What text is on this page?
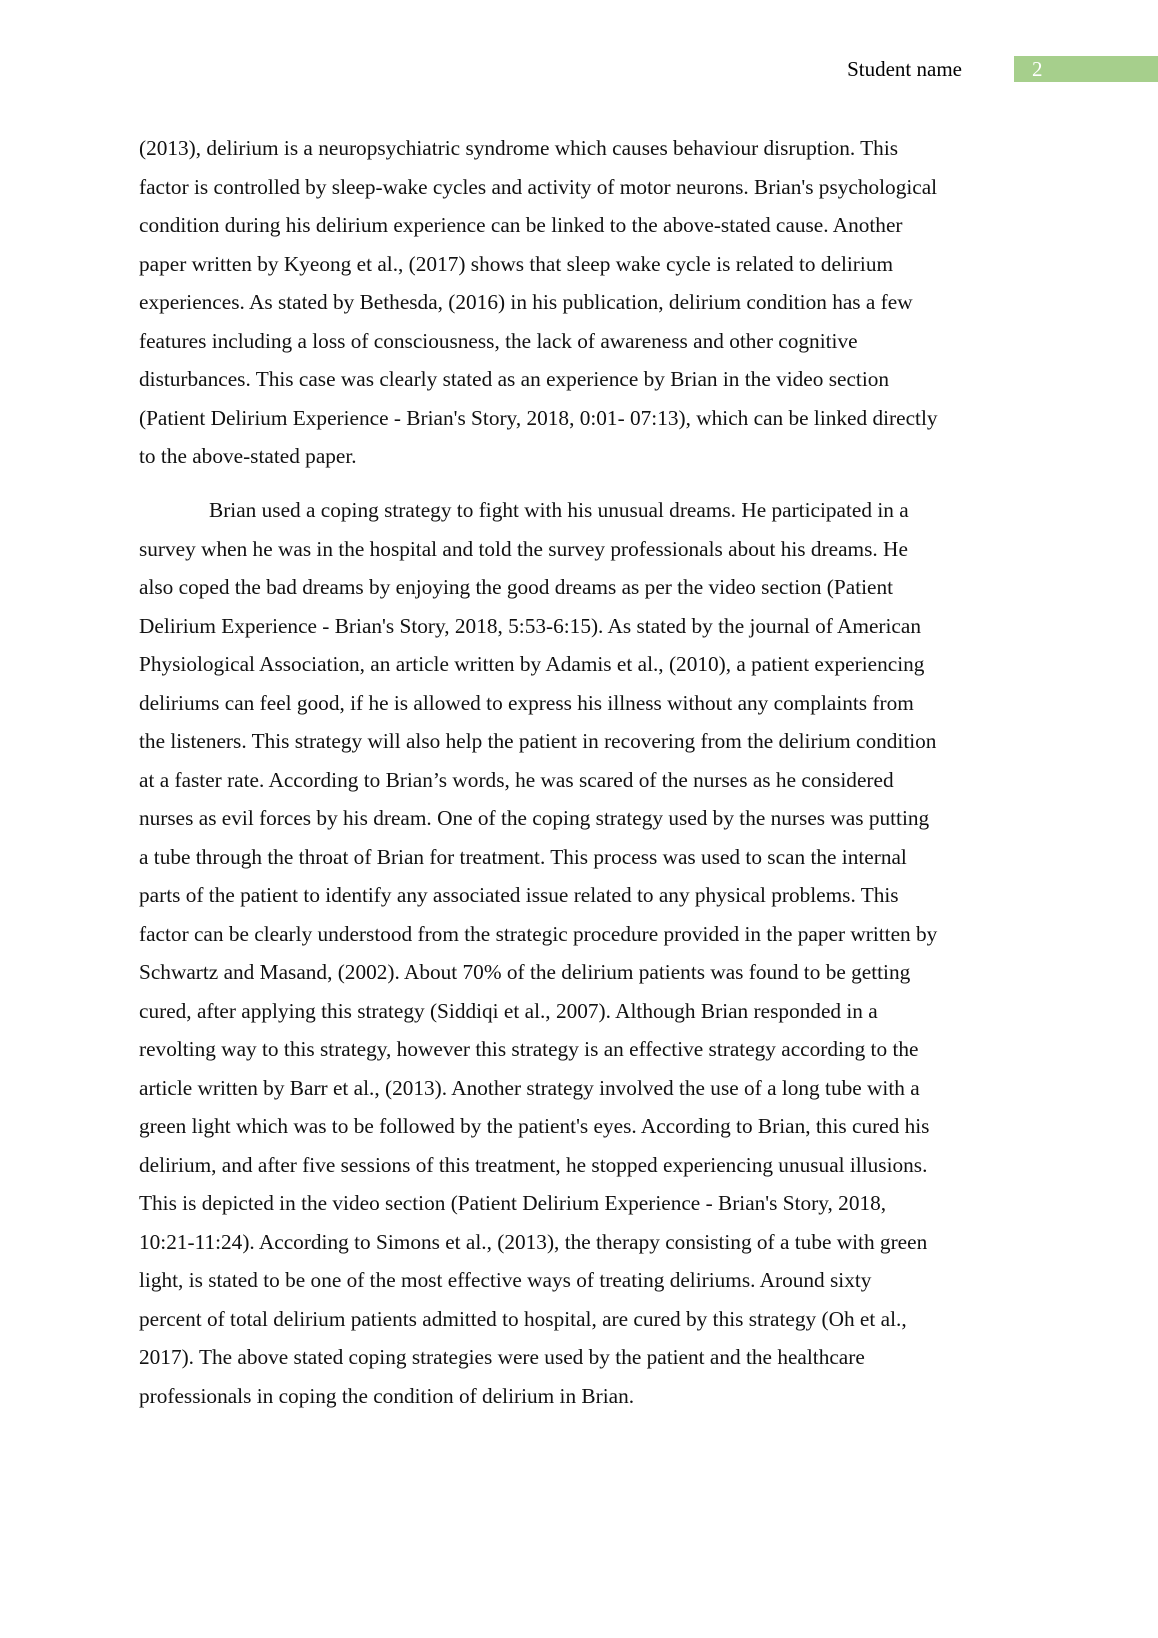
Student name	2
(2013), delirium is a neuropsychiatric syndrome which causes behaviour disruption. This
factor is controlled by sleep-wake cycles and activity of motor neurons. Brian's psychological
condition during his delirium experience can be linked to the above-stated cause. Another
paper written by Kyeong et al., (2017) shows that sleep wake cycle is related to delirium
experiences. As stated by Bethesda, (2016) in his publication, delirium condition has a few
features including a loss of consciousness, the lack of awareness and other cognitive
disturbances. This case was clearly stated as an experience by Brian in the video section
(Patient Delirium Experience - Brian's Story, 2018, 0:01- 07:13), which can be linked directly
to the above-stated paper.
Brian used a coping strategy to fight with his unusual dreams. He participated in a
survey when he was in the hospital and told the survey professionals about his dreams. He
also coped the bad dreams by enjoying the good dreams as per the video section (Patient
Delirium Experience - Brian's Story, 2018, 5:53-6:15). As stated by the journal of American
Physiological Association, an article written by Adamis et al., (2010), a patient experiencing
deliriums can feel good, if he is allowed to express his illness without any complaints from
the listeners. This strategy will also help the patient in recovering from the delirium condition
at a faster rate. According to Brian’s words, he was scared of the nurses as he considered
nurses as evil forces by his dream. One of the coping strategy used by the nurses was putting
a tube through the throat of Brian for treatment. This process was used to scan the internal
parts of the patient to identify any associated issue related to any physical problems. This
factor can be clearly understood from the strategic procedure provided in the paper written by
Schwartz and Masand, (2002). About 70% of the delirium patients was found to be getting
cured, after applying this strategy (Siddiqi et al., 2007). Although Brian responded in a
revolting way to this strategy, however this strategy is an effective strategy according to the
article written by Barr et al., (2013). Another strategy involved the use of a long tube with a
green light which was to be followed by the patient's eyes. According to Brian, this cured his
delirium, and after five sessions of this treatment, he stopped experiencing unusual illusions.
This is depicted in the video section (Patient Delirium Experience - Brian's Story, 2018,
10:21-11:24). According to Simons et al., (2013), the therapy consisting of a tube with green
light, is stated to be one of the most effective ways of treating deliriums. Around sixty
percent of total delirium patients admitted to hospital, are cured by this strategy (Oh et al.,
2017). The above stated coping strategies were used by the patient and the healthcare
professionals in coping the condition of delirium in Brian.
